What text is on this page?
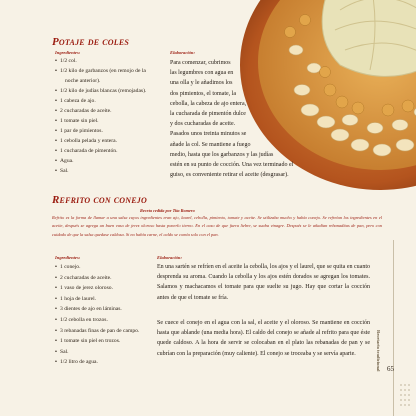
Potaje de coles
Ingredientes:
• 1/2 col.
• 1/2 kilo de garbanzos (en remojo de la
noche anterior).
• 1/2 kilo de judías blancas (remojadas).
• 1 cabeza de ajo.
• 2 cucharadas de aceite.
• 1 tomate sin piel.
• 1 par de pimientos.
• 1 cebolla pelada y entera.
• 1 cucharada de pimentón.
• Agua.
• Sal.
Elaboración:
Para comenzar, cubrimos
las legumbres con agua en
una olla y le añadimos los
dos pimientos, el tomate, la
cebolla, la cabeza de ajo entera,
la cucharada de pimentón dulce
y dos cucharadas de aceite.
Pasados unos treinta minutos se
añade la col. Se mantiene a fuego
medio, hasta que los garbanzos y las judías
estén en su punto de cocción. Una vez terminado el
guiso, es conveniente retirar el aceite (desgrasar).
Refrito con conejo
Receta cedida por Tita Romero
Refrito es la forma de llamar a una salsa cuyos ingredientes eran ajo, laurel, cebolla, pimiento, tomate y aceite. Se utilizaba mucho y había conejo. Se refreían los ingredientes en el aceite, después se agrega un buen vaso de jerez oloroso hasta ponerlo tierno. En el caso de que fuera liebre, se suaba vinagre. Después se le añadían rebanaditas de pan, pero con cuidado de que la salsa quedase caldosa. Si no había carne, el caldo se comía solo con el pan.
Ingredientes:
• 1 conejo.
• 2 cucharadas de aceite.
• 1 vaso de jerez oloroso.
• 1 hoja de laurel.
• 3 dientes de ajo en láminas.
• 1/2 cebolla en trozos.
• 3 rebanadas finas de pan de campo.
• 1 tomate sin piel en trozos.
• Sal.
• 1/2 litro de agua.
Elaboración:
En una sartén se refríen en el aceite la cebolla, los ajos y el laurel, que se quita en cuanto desprenda su aroma. Cuando la cebolla y los ajos estén dorados se agregan los tomates. Salamos y machacamos el tomate para que suelte su jugo. Hay que cortar la cocción antes de que el tomate se fría.
Se cuece el conejo en el agua con la sal, el aceite y el oloroso. Se mantiene en cocción hasta que ablande (una media hora). El caldo del conejo se añade al refrito para que éste quede caldoso. A la hora de servir se colocaban en el plato las rebanadas de pan y se cubrían con la preparación (muy caliente). El conejo se troceaba y se servía aparte.	Recetario tradicional 65
